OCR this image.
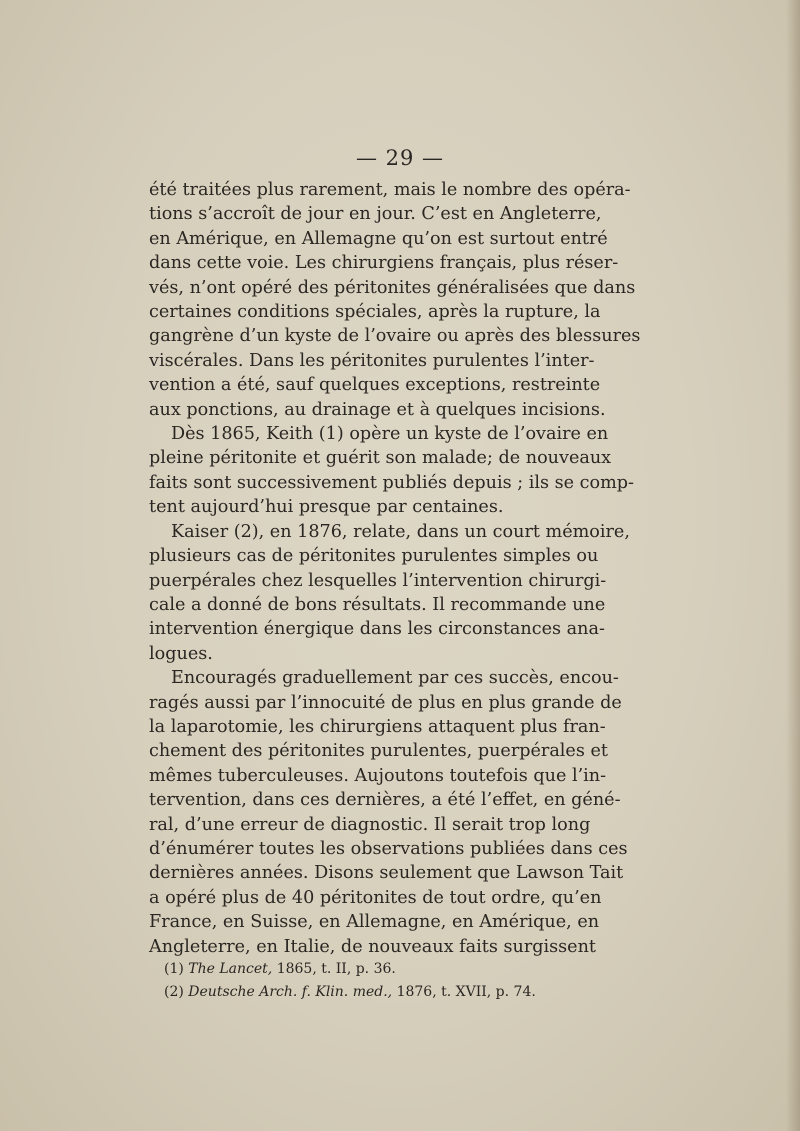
— 29 —
été traitées plus rarement, mais le nombre des opéra-
tions s’accroît de jour en jour. C’est en Angleterre,
en Amérique, en Allemagne qu’on est surtout entré
dans cette voie. Les chirurgiens français, plus réser-
vés, n’ont opéré des péritonites généralisées que dans
certaines conditions spéciales, après la rupture, la
gangrène d’un kyste de l’ovaire ou après des blessures
viscérales. Dans les péritonites purulentes l’inter-
vention a été, sauf quelques exceptions, restreinte
aux ponctions, au drainage et à quelques incisions.
Dès 1865, Keith (1) opère un kyste de l’ovaire en
pleine péritonite et guérit son malade; de nouveaux
faits sont successivement publiés depuis ; ils se comp-
tent aujourd’hui presque par centaines.
Kaiser (2), en 1876, relate, dans un court mémoire,
plusieurs cas de péritonites purulentes simples ou
puerpérales chez lesquelles l’intervention chirurgi-
cale a donné de bons résultats. Il recommande une
intervention énergique dans les circonstances ana-
logues.
Encouragés graduellement par ces succès, encou-
ragés aussi par l’innocuité de plus en plus grande de
la laparotomie, les chirurgiens attaquent plus fran-
chement des péritonites purulentes, puerpérales et
mêmes tuberculeuses. Aujoutons toutefois que l’in-
tervention, dans ces dernières, a été l’effet, en géné-
ral, d’une erreur de diagnostic. Il serait trop long
d’énumérer toutes les observations publiées dans ces
dernières années. Disons seulement que Lawson Tait
a opéré plus de 40 péritonites de tout ordre, qu’en
France, en Suisse, en Allemagne, en Amérique, en
Angleterre, en Italie, de nouveaux faits surgissent
(1) The Lancet, 1865, t. II, p. 36.
(2) Deutsche Arch. f. Klin. med., 1876, t. XVII, p. 74.
